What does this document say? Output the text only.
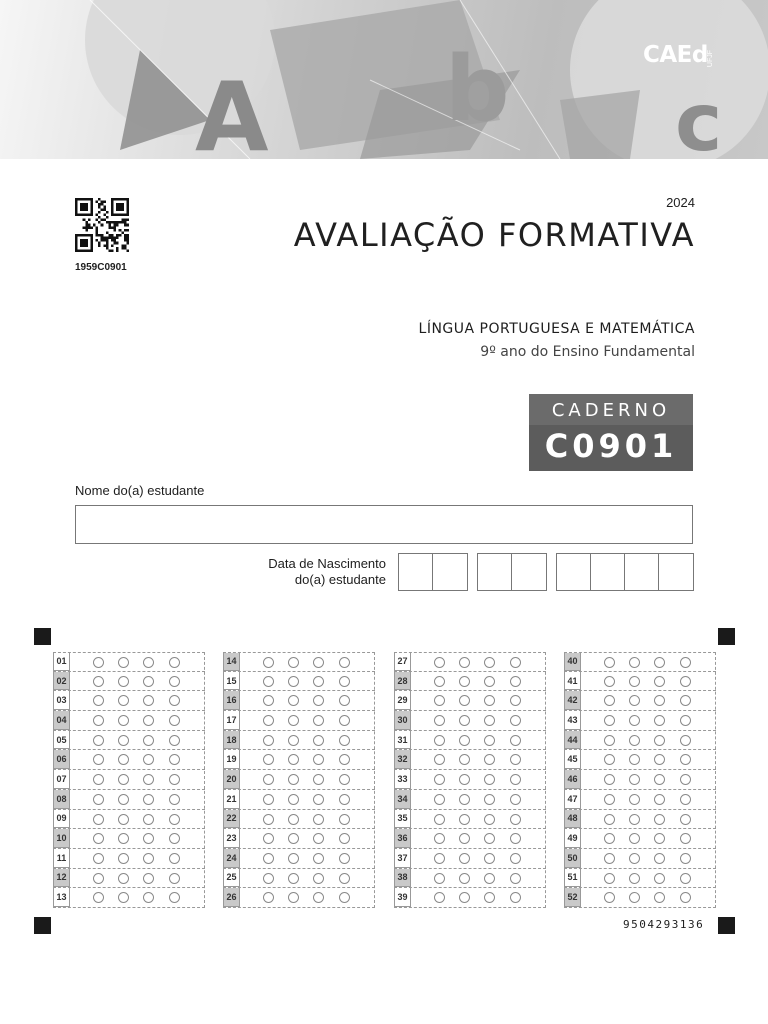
A b c
CAEd UFJF
1959C0901
2024
AVALIAÇÃO FORMATIVA
LÍNGUA PORTUGUESA E MATEMÁTICA
9º ano do Ensino Fundamental
CADERNO
C0901
Nome do(a) estudante
Data de Nascimento
do(a) estudante
01
02
03
04
05
06
07
08
09
10
11
12
13
14
15
16
17
18
19
20
21
22
23
24
25
26
27
28
29
30
31
32
33
34
35
36
37
38
39
40
41
42
43
44
45
46
47
48
49
50
51
52
9504293136
